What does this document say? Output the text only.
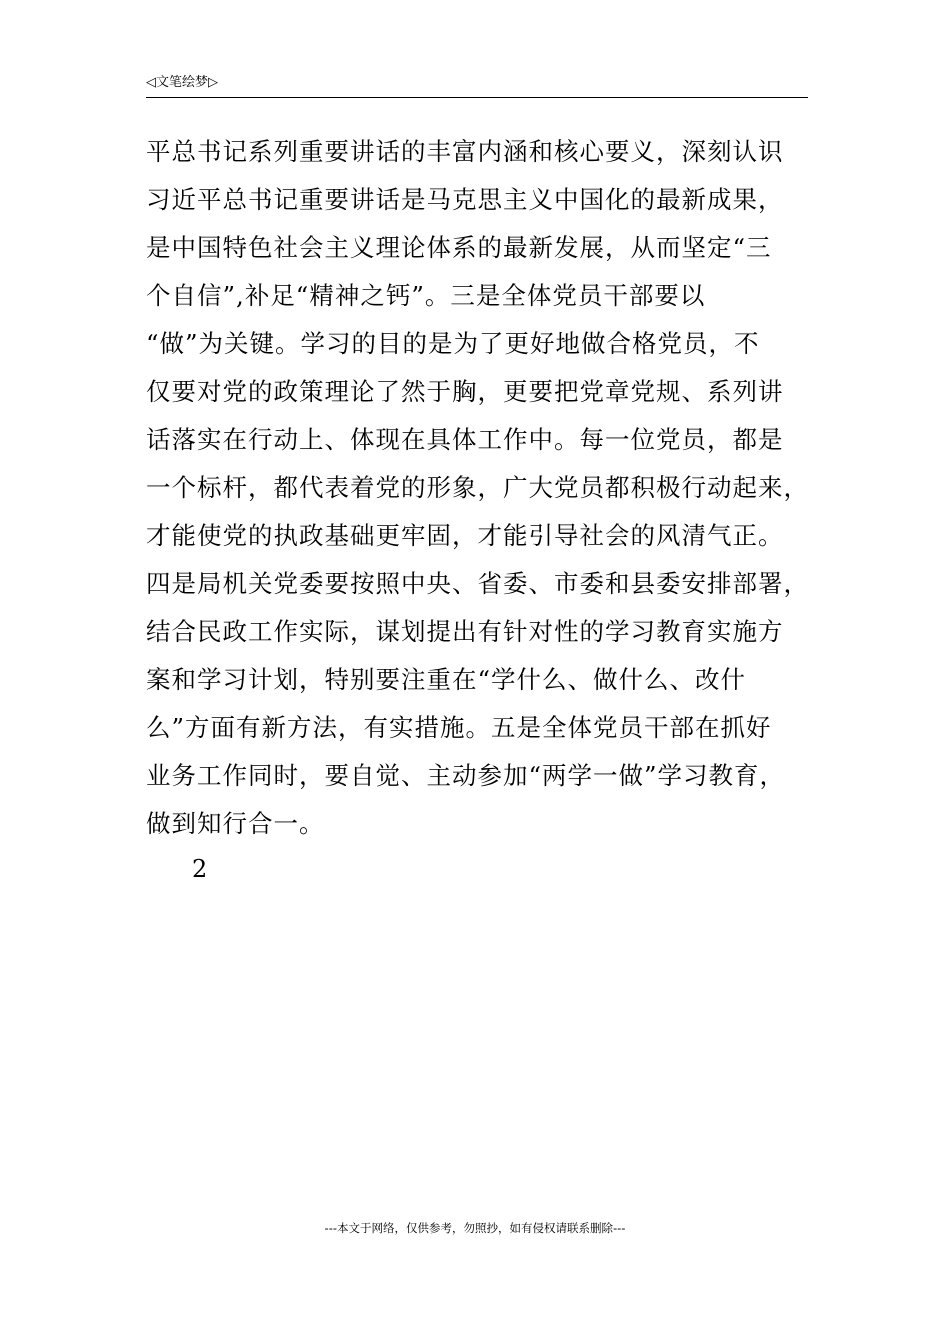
◁文笔绘梦▷
平总书记系列重要讲话的丰富内涵和核心要义，深刻认识
习近平总书记重要讲话是马克思主义中国化的最新成果，
是中国特色社会主义理论体系的最新发展，从而坚定“三
个自信”,补足“精神之钙”。三是全体党员干部要以
“做”为关键。学习的目的是为了更好地做合格党员，不
仅要对党的政策理论了然于胸，更要把党章党规、系列讲
话落实在行动上、体现在具体工作中。每一位党员，都是
一个标杆，都代表着党的形象，广大党员都积极行动起来，
才能使党的执政基础更牢固，才能引导社会的风清气正。
四是局机关党委要按照中央、省委、市委和县委安排部署，
结合民政工作实际，谋划提出有针对性的学习教育实施方
案和学习计划，特别要注重在“学什么、做什么、改什
么”方面有新方法，有实措施。五是全体党员干部在抓好
业务工作同时，要自觉、主动参加“两学一做”学习教育，
做到知行合一。
2
---本文于网络，仅供参考，勿照抄，如有侵权请联系删除---
